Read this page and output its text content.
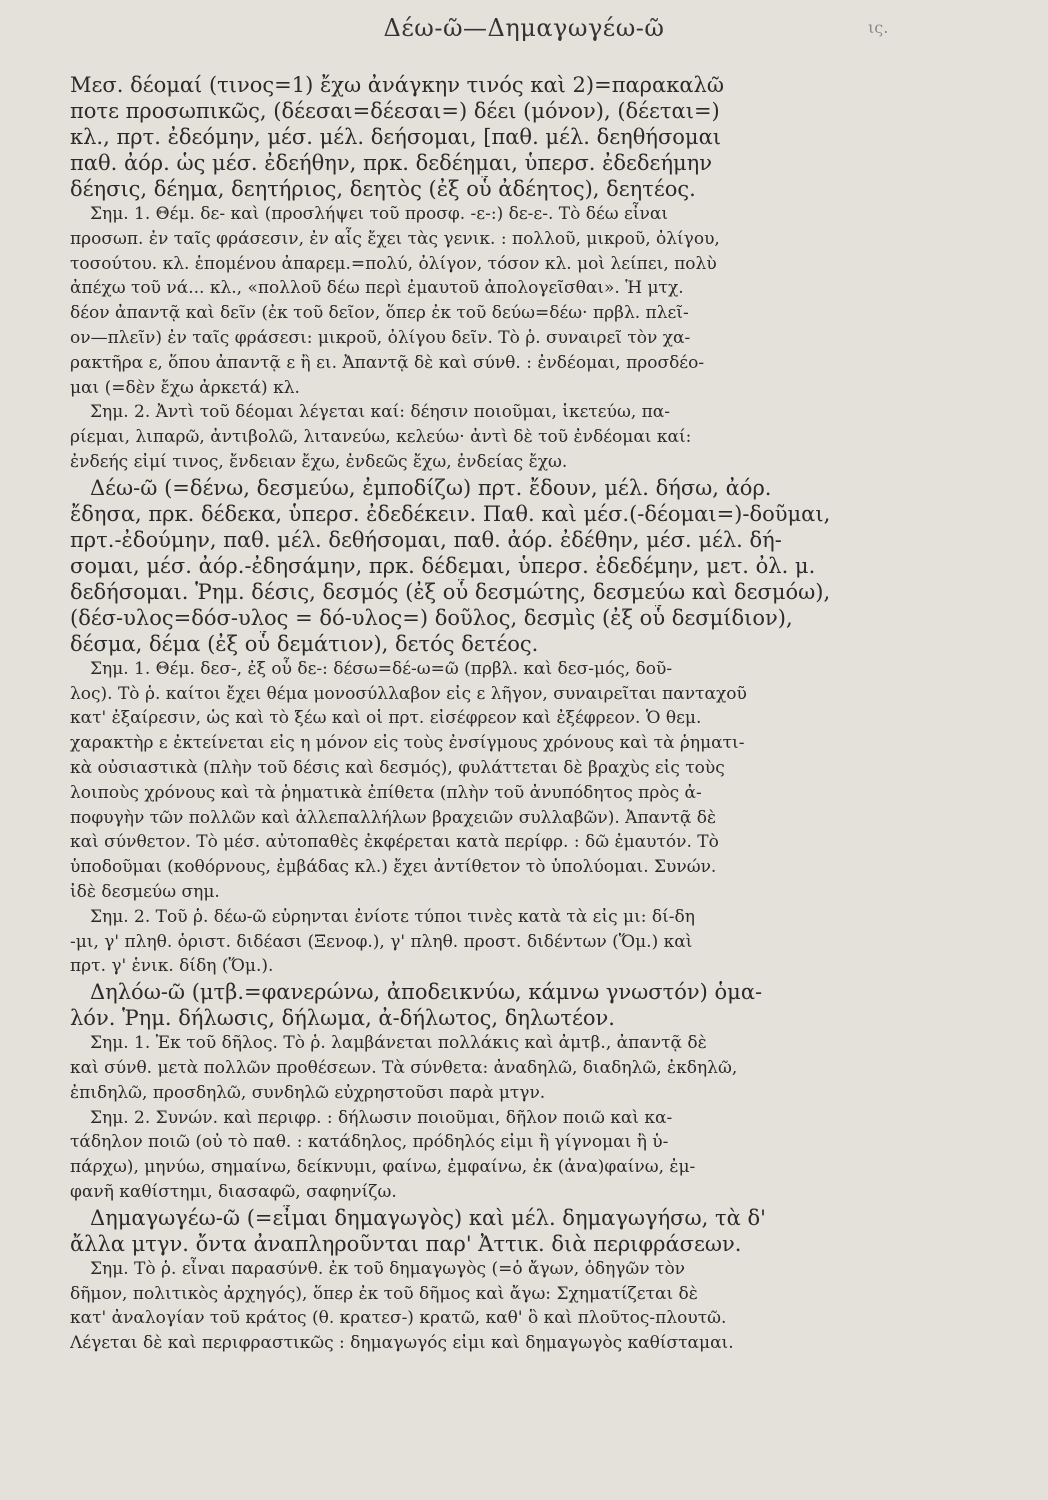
Δέω-ῶ—Δημαγωγέω-ῶ	ις.
Μεσ. δέομαί (τινος=1) ἔχω ἀνάγκην τινός καὶ 2)=παρακαλῶ
ποτε προσωπικῶς, (δέεσαι=δέεσαι=) δέει (μόνον), (δέεται=)
κλ., πρτ. ἐδεόμην, μέσ. μέλ. δεήσομαι, [παθ. μέλ. δεηθήσομαι
παθ. ἀόρ. ὡς μέσ. ἐδεήθην, πρκ. δεδέημαι, ὑπερσ. ἐδεδεήμην
δέησις, δέημα, δεητήριος, δεητὸς (ἐξ οὗ ἀδέητος), δεητέος.
Σημ. 1. Θέμ. δε- καὶ (προσλήψει τοῦ προσφ. -ε-:) δε-ε-. Τὸ δέω εἶναι
προσωπ. ἐν ταῖς φράσεσιν, ἐν αἷς ἔχει τὰς γενικ. : πολλοῦ, μικροῦ, ὀλίγου,
τοσούτου. κλ. ἑπομένου ἀπαρεμ.=πολύ, ὀλίγον, τόσον κλ. μοὶ λείπει, πολὺ
ἀπέχω τοῦ νά... κλ., «πολλοῦ δέω περὶ ἐμαυτοῦ ἀπολογεῖσθαι». Ἡ μτχ.
δέον ἀπαντᾷ καὶ δεῖν (ἐκ τοῦ δεῖον, ὅπερ ἐκ τοῦ δεύω=δέω· πρβλ. πλεῖ-
ον—πλεῖν) ἐν ταῖς φράσεσι: μικροῦ, ὀλίγου δεῖν. Τὸ ῥ. συναιρεῖ τὸν χα-
ρακτῆρα ε, ὅπου ἀπαντᾷ ε ἢ ει. Ἀπαντᾷ δὲ καὶ σύνθ. : ἐνδέομαι, προσδέο-
μαι (=δὲν ἔχω ἀρκετά) κλ.
Σημ. 2. Ἀντὶ τοῦ δέομαι λέγεται καί: δέησιν ποιοῦμαι, ἱκετεύω, πα-
ρίεμαι, λιπαρῶ, ἀντιβολῶ, λιτανεύω, κελεύω· ἀντὶ δὲ τοῦ ἐνδέομαι καί:
ἐνδεής εἰμί τινος, ἔνδειαν ἔχω, ἐνδεῶς ἔχω, ἐνδείας ἔχω.
Δέω-ῶ (=δένω, δεσμεύω, ἐμποδίζω) πρτ. ἔδουν, μέλ. δήσω, ἀόρ.
ἔδησα, πρκ. δέδεκα, ὑπερσ. ἐδεδέκειν. Παθ. καὶ μέσ.(-δέομαι=)-δοῦμαι,
πρτ.-ἐδούμην, παθ. μέλ. δεθήσομαι, παθ. ἀόρ. ἐδέθην, μέσ. μέλ. δή-
σομαι, μέσ. ἀόρ.-ἐδησάμην, πρκ. δέδεμαι, ὑπερσ. ἐδεδέμην, μετ. ὀλ. μ.
δεδήσομαι. Ῥημ. δέσις, δεσμός (ἐξ οὗ δεσμώτης, δεσμεύω καὶ δεσμόω),
(δέσ-υλος=δόσ-υλος = δό-υλος=) δοῦλος, δεσμὶς (ἐξ οὗ δεσμίδιον),
δέσμα, δέμα (ἐξ οὗ δεμάτιον), δετός δετέος.
Σημ. 1. Θέμ. δεσ-, ἐξ οὗ δε-: δέσω=δέ-ω=ῶ (πρβλ. καὶ δεσ-μός, δοῦ-
λος). Τὸ ῥ. καίτοι ἔχει θέμα μονοσύλλαβον εἰς ε λῆγον, συναιρεῖται πανταχοῦ
κατ' ἐξαίρεσιν, ὡς καὶ τὸ ξέω καὶ οἱ πρτ. εἰσέφρεον καὶ ἐξέφρεον. Ὁ θεμ.
χαρακτὴρ ε ἐκτείνεται εἰς η μόνον εἰς τοὺς ἐνσίγμους χρόνους καὶ τὰ ῥηματι-
κὰ οὐσιαστικὰ (πλὴν τοῦ δέσις καὶ δεσμός), φυλάττεται δὲ βραχὺς εἰς τοὺς
λοιποὺς χρόνους καὶ τὰ ῥηματικὰ ἐπίθετα (πλὴν τοῦ ἀνυπόδητος πρὸς ἀ-
ποφυγὴν τῶν πολλῶν καὶ ἀλλεπαλλήλων βραχειῶν συλλαβῶν). Ἀπαντᾷ δὲ
καὶ σύνθετον. Τὸ μέσ. αὐτοπαθὲς ἐκφέρεται κατὰ περίφρ. : δῶ ἐμαυτόν. Τὸ
ὑποδοῦμαι (κοθόρνους, ἐμβάδας κλ.) ἔχει ἀντίθετον τὸ ὑπολύομαι. Συνών.
ἰδὲ δεσμεύω σημ.
Σημ. 2. Τοῦ ῥ. δέω-ῶ εὑρηνται ἐνίοτε τύποι τινὲς κατὰ τὰ εἰς μι: δί-δη
-μι, γ' πληθ. ὁριστ. διδέασι (Ξενοφ.), γ' πληθ. προστ. διδέντων (Ὅμ.) καὶ
πρτ. γ' ἑνικ. δίδη (Ὅμ.).
Δηλόω-ῶ (μτβ.=φανερώνω, ἀποδεικνύω, κάμνω γνωστόν) ὁμα-
λόν. Ῥημ. δήλωσις, δήλωμα, ἀ-δήλωτος, δηλωτέον.
Σημ. 1. Ἐκ τοῦ δῆλος. Τὸ ῥ. λαμβάνεται πολλάκις καὶ ἀμτβ., ἀπαντᾷ δὲ
καὶ σύνθ. μετὰ πολλῶν προθέσεων. Τὰ σύνθετα: ἀναδηλῶ, διαδηλῶ, ἐκδηλῶ,
ἐπιδηλῶ, προσδηλῶ, συνδηλῶ εὐχρηστοῦσι παρὰ μτγν.
Σημ. 2. Συνών. καὶ περιφρ. : δήλωσιν ποιοῦμαι, δῆλον ποιῶ καὶ κα-
τάδηλον ποιῶ (οὐ τὸ παθ. : κατάδηλος, πρόδηλός εἰμι ἢ γίγνομαι ἢ ὑ-
πάρχω), μηνύω, σημαίνω, δείκνυμι, φαίνω, ἐμφαίνω, ἐκ (ἀνα)φαίνω, ἐμ-
φανῆ καθίστημι, διασαφῶ, σαφηνίζω.
Δημαγωγέω-ῶ (=εἶμαι δημαγωγὸς) καὶ μέλ. δημαγωγήσω, τὰ δ'
ἄλλα μτγν. ὄντα ἀναπληροῦνται παρ' Ἀττικ. διὰ περιφράσεων.
Σημ. Τὸ ῥ. εἶναι παρασύνθ. ἐκ τοῦ δημαγωγὸς (=ὁ ἄγων, ὁδηγῶν τὸν
δῆμον, πολιτικὸς ἀρχηγός), ὅπερ ἐκ τοῦ δῆμος καὶ ἄγω: Σχηματίζεται δὲ
κατ' ἀναλογίαν τοῦ κράτος (θ. κρατεσ-) κρατῶ, καθ' ὃ καὶ πλοῦτος-πλουτῶ.
Λέγεται δὲ καὶ περιφραστικῶς : δημαγωγός εἰμι καὶ δημαγωγὸς καθίσταμαι.
